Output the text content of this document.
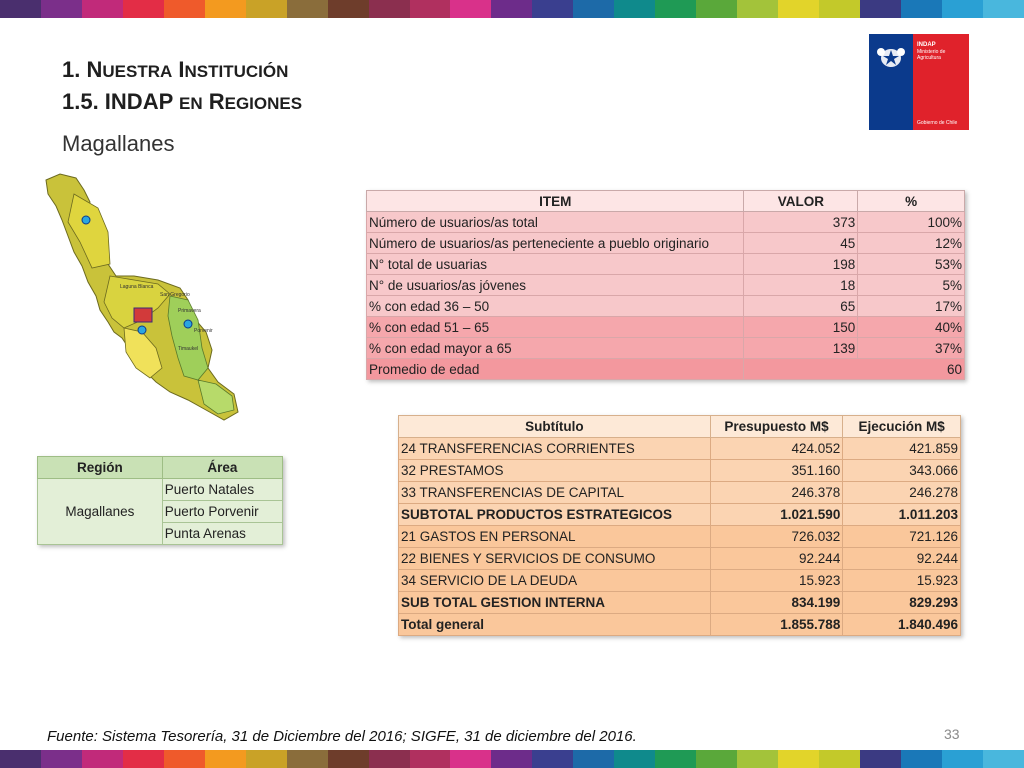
1. NUESTRA INSTITUCIÓN
1.5. INDAP EN REGIONES
Magallanes
INDAP
Ministerio de Agricultura
Gobierno de Chile
Laguna Blanca
San Gregorio
Timaukel
Primavera
Porvenir
ITEM	VALOR	%
Número de usuarios/as total	373	100%
Número de usuarios/as perteneciente a pueblo originario	45	12%
N° total de usuarias	198	53%
N° de usuarios/as jóvenes	18	5%
% con edad 36 – 50	65	17%
% con edad 51 – 65	150	40%
% con edad mayor a 65	139	37%
Promedio de edad	60	
Subtítulo	Presupuesto M$	Ejecución M$
24 TRANSFERENCIAS CORRIENTES	424.052	421.859
32 PRESTAMOS	351.160	343.066
33 TRANSFERENCIAS DE CAPITAL	246.378	246.278
SUBTOTAL PRODUCTOS ESTRATEGICOS	1.021.590	1.011.203
21 GASTOS EN PERSONAL	726.032	721.126
22 BIENES Y SERVICIOS DE CONSUMO	92.244	92.244
34 SERVICIO DE LA DEUDA	15.923	15.923
SUB TOTAL GESTION INTERNA	834.199	829.293
Total general	1.855.788	1.840.496
Región	Área
Magallanes	Puerto Natales
	Puerto Porvenir
	Punta Arenas
Fuente: Sistema Tesorería, 31 de Diciembre del 2016; SIGFE, 31 de diciembre del 2016.	33
